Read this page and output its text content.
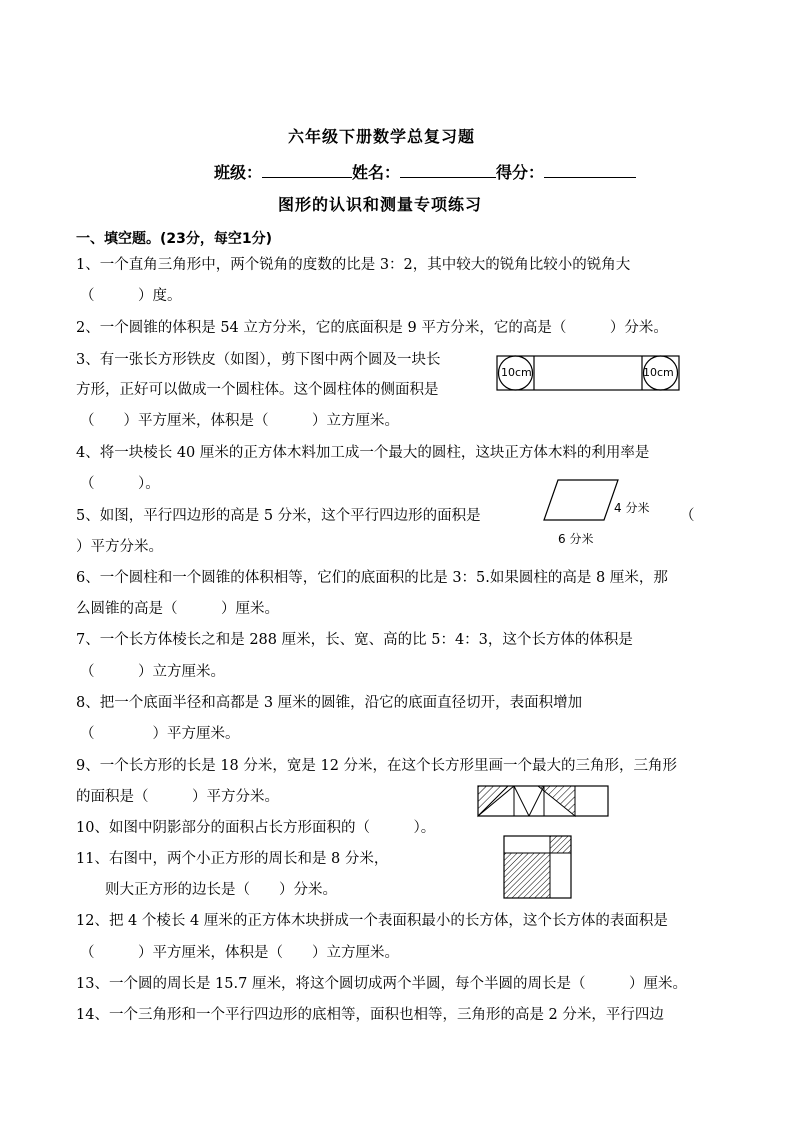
六年级下册数学总复习题
班级：	姓名：	得分：
图形的认识和测量专项练习
一、填空题。(23分，每空1分)
1、一个直角三角形中，两个锐角的度数的比是 3：2，其中较大的锐角比较小的锐角大
（　　　）度。
2、一个圆锥的体积是 54 立方分米，它的底面积是 9 平方分米，它的高是（　　　）分米。
3、有一张长方形铁皮（如图），剪下图中两个圆及一块长
方形，正好可以做成一个圆柱体。这个圆柱体的侧面积是
（　　）平方厘米，体积是（　　　）立方厘米。
10cm	10cm
4、将一块棱长 40 厘米的正方体木料加工成一个最大的圆柱，这块正方体木料的利用率是
（　　　）。
5、如图，平行四边形的高是 5 分米，这个平行四边形的面积是	（
）平方分米。
4 分米
6 分米
6、一个圆柱和一个圆锥的体积相等，它们的底面积的比是 3：5.如果圆柱的高是 8 厘米，那
么圆锥的高是（　　　）厘米。
7、一个长方体棱长之和是 288 厘米，长、宽、高的比 5：4：3，这个长方体的体积是
（　　　）立方厘米。
8、把一个底面半径和高都是 3 厘米的圆锥，沿它的底面直径切开，表面积增加
（　　　　）平方厘米。
9、一个长方形的长是 18 分米，宽是 12 分米，在这个长方形里画一个最大的三角形，三角形
的面积是（　　　）平方分米。
10、如图中阴影部分的面积占长方形面积的（　　　）。
11、右图中，两个小正方形的周长和是 8 分米，
则大正方形的边长是（　　）分米。
12、把 4 个棱长 4 厘米的正方体木块拼成一个表面积最小的长方体，这个长方体的表面积是
（　　　）平方厘米，体积是（　　）立方厘米。
13、一个圆的周长是 15.7 厘米，将这个圆切成两个半圆，每个半圆的周长是（　　　）厘米。
14、一个三角形和一个平行四边形的底相等，面积也相等，三角形的高是 2 分米，平行四边
